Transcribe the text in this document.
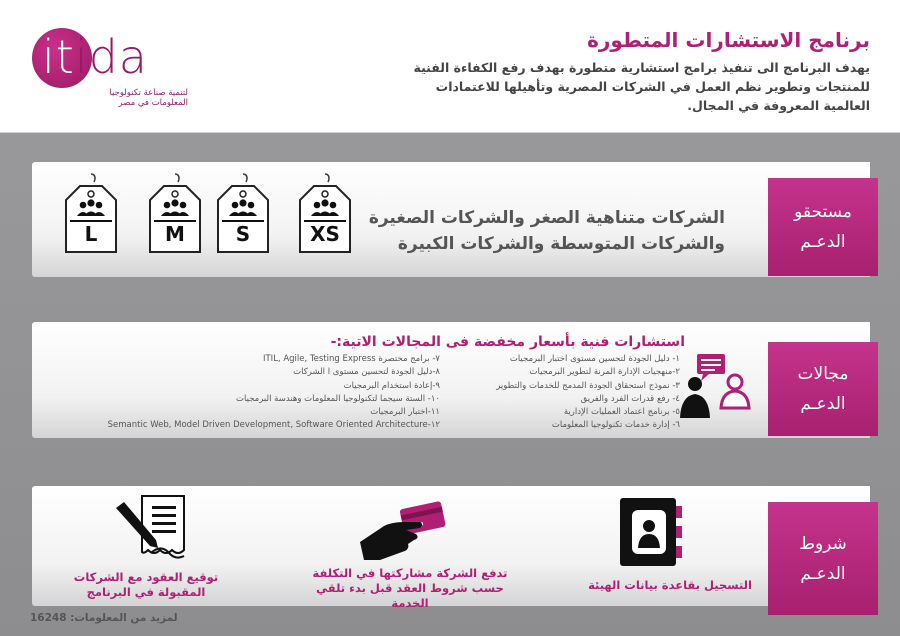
itida
لتنمية صناعة تكنولوجيا المعلومات في مصر
برنامج الاستشارات المتطورة
يهدف البرنامج الى تنفيذ برامج استشارية متطورة بهدف رفع الكفاءة الفنية للمنتجات وتطوير نظم العمل في الشركات المصرية وتأهيلها للاعتمادات العالمية المعروفة في المجال.
مستحقو
الدعـم
L	M	S	XS
الشركات متناهية الصغر والشركات الصغيرة والشركات المتوسطة والشركات الكبيرة
مجالات
الدعـم
استشارات فنية بأسعار مخفضة فى المجالات الاتية:-
١- دليل الجودة لتحسين مستوى اختبار البرمجيات
٢-منهجيات الإدارة المرنة لتطوير البرمجيات
٣- نموذج استحقاق الجودة المدمج للخدمات والتطوير
٤- رفع قدرات الفرد والفريق
٥- برنامج اعتماد العمليات الإدارية
٦- إدارة خدمات تكنولوجيا المعلومات
٧- برامج مختصرة ITIL, Agile, Testing Express
٨-دليل الجودة لتحسين مستوى ا الشركات
٩-إعادة استخدام البرمجيات
١٠- الستة سيجما لتكنولوجيا المعلومات وهندسة البرمجيات
١١-اختبار البرمجيات
١٢-Semantic Web, Model Driven Development, Software Oriented Architecture
شروط
الدعـم
التسجيل بقاعدة بيانات الهيئة
تدفع الشركة مشاركتها في التكلفة حسب شروط العقد قبل بدء تلقي الخدمة
توقيع العقود مع الشركات المقبولة في البرنامج
لمزيد من المعلومات: 16248
